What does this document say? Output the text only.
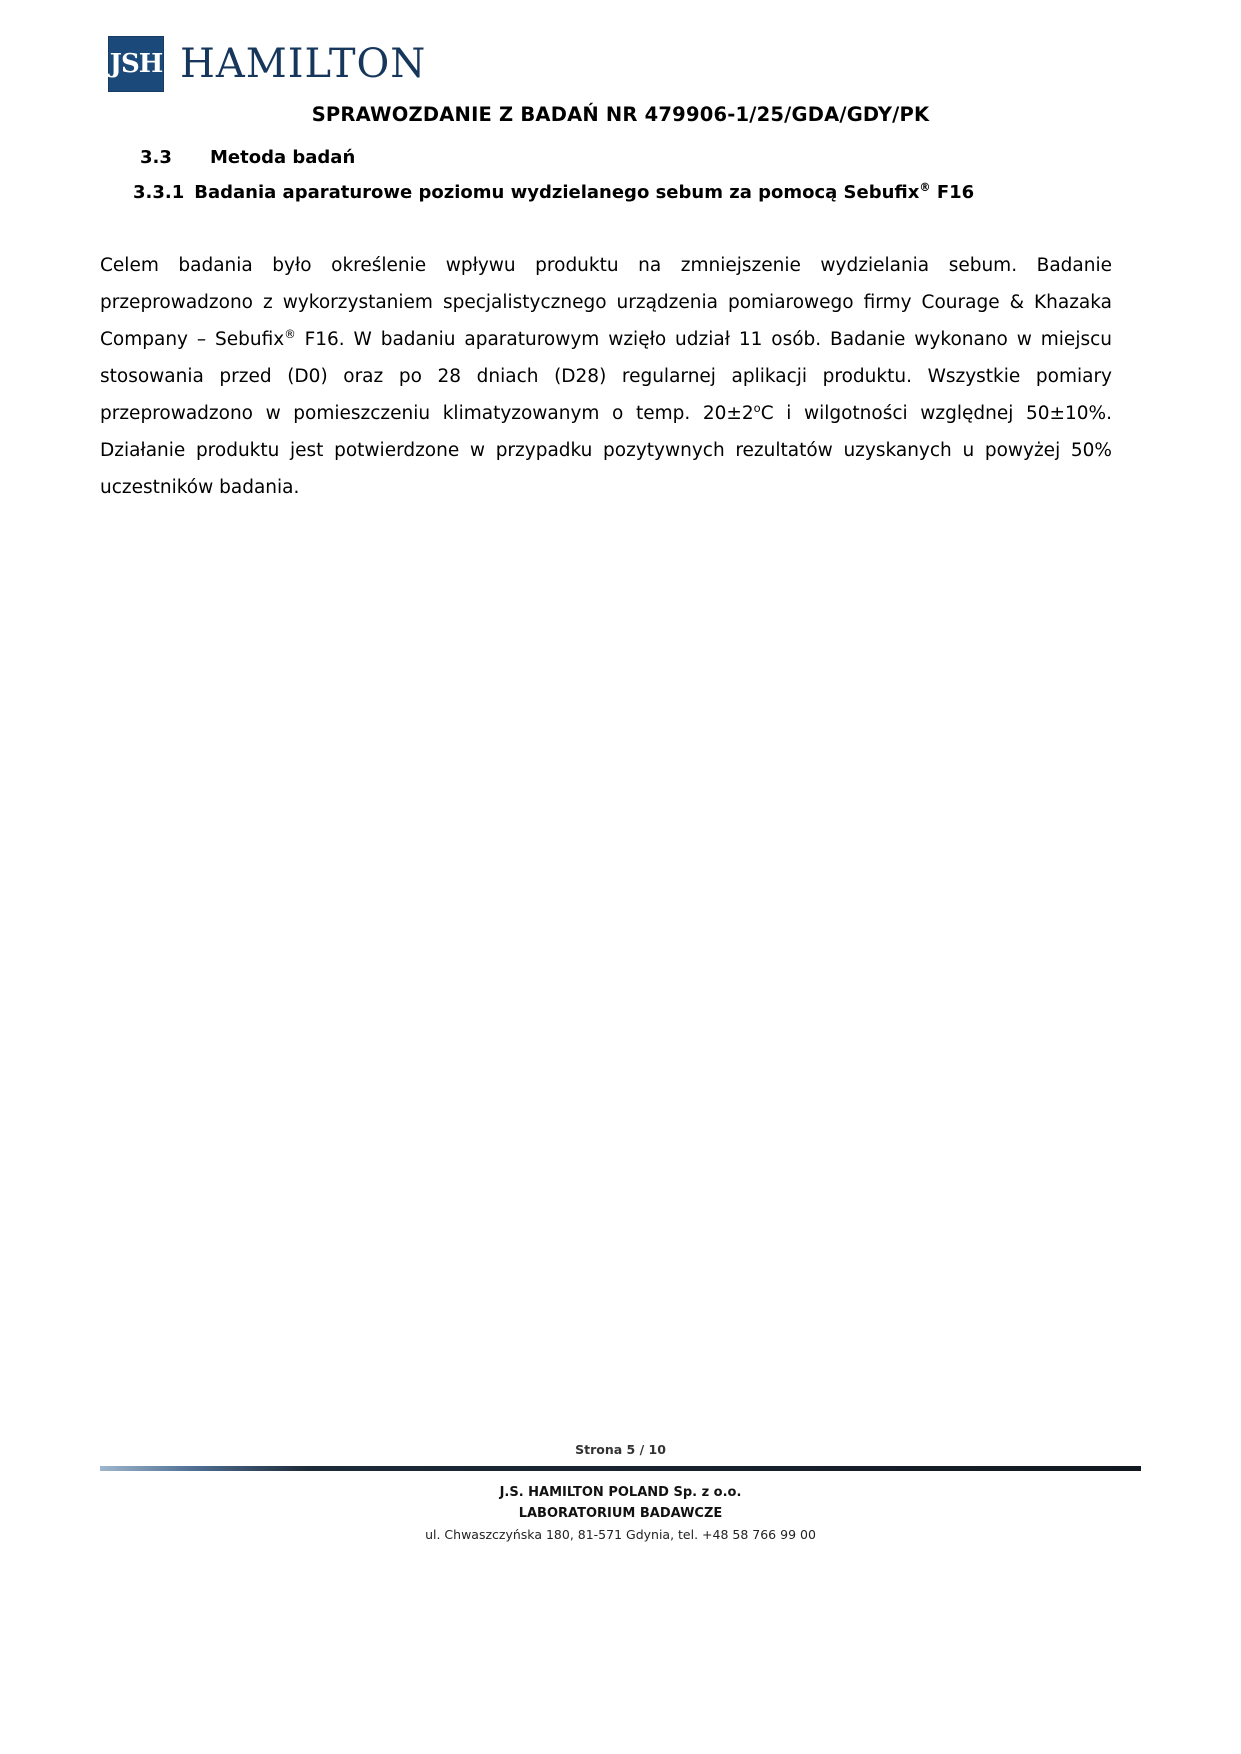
JSH HAMILTON
SPRAWOZDANIE Z BADAŃ NR 479906-1/25/GDA/GDY/PK
3.3	Metoda badań
3.3.1 Badania aparaturowe poziomu wydzielanego sebum za pomocą Sebufix® F16

Celem badania było określenie wpływu produktu na zmniejszenie wydzielania sebum. Badanie przeprowadzono z wykorzystaniem specjalistycznego urządzenia pomiarowego firmy Courage & Khazaka Company – Sebufix® F16. W badaniu aparaturowym wzięło udział 11 osób. Badanie wykonano w miejscu stosowania przed (D0) oraz po 28 dniach (D28) regularnej aplikacji produktu. Wszystkie pomiary przeprowadzono w pomieszczeniu klimatyzowanym o temp. $20\pm 2^oC$ i wilgotności względnej 50±10%. Działanie produktu jest potwierdzone w przypadku pozytywnych rezultatów uzyskanych u powyżej 50% uczestników badania.

Strona 5 / 10
J.S. HAMILTON POLAND Sp. z o.o.
LABORATORIUM BADAWCZE
ul. Chwaszczyńska 180, 81-571 Gdynia, tel. +48 58 766 99 00
